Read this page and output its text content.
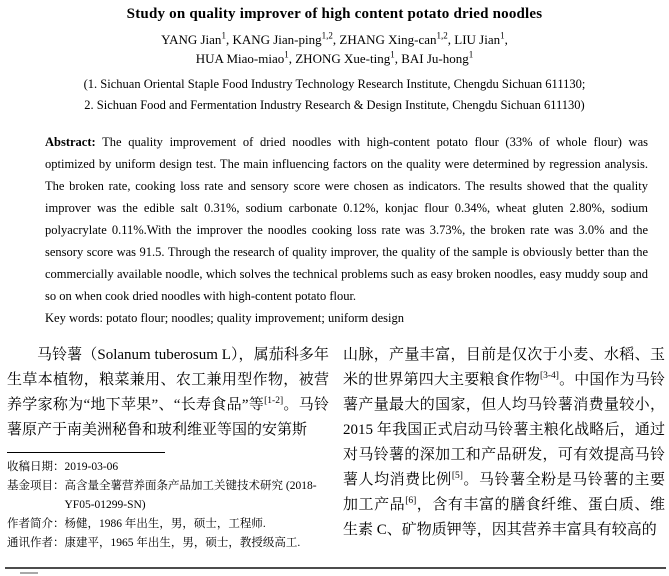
Study on quality improver of high content potato dried noodles
YANG Jian$^1$, KANG Jian-ping$^{1,2}$, ZHANG Xing-can$^{1,2}$, LIU Jian$^1$,
HUA Miao-miao$^1$, ZHONG Xue-ting$^1$, BAI Ju-hong$^1$
(1. Sichuan Oriental Staple Food Industry Technology Research Institute, Chengdu Sichuan 611130;
2. Sichuan Food and Fermentation Industry Research & Design Institute, Chengdu Sichuan 611130)
Abstract: The quality improvement of dried noodles with high-content potato flour (33% of whole flour) was optimized by uniform design test. The main influencing factors on the quality were determined by regression analysis. The broken rate, cooking loss rate and sensory score were chosen as indicators. The results showed that the quality improver was the edible salt 0.31%, sodium carbonate 0.12%, konjac flour 0.34%, wheat gluten 2.80%, sodium polyacrylate 0.11%.With the improver the noodles cooking loss rate was 3.73%, the broken rate was 3.0% and the sensory score was 91.5. Through the research of quality improver, the quality of the sample is obviously better than the commercially available noodle, which solves the technical problems such as easy broken noodles, easy muddy soup and so on when cook dried noodles with high-content potato flour.
Key words: potato flour; noodles; quality improvement; uniform design
马铃薯（Solanum tuberosum L），属茄科多年生草本植物，粮菜兼用、农工兼用型作物，被营养学家称为“地下苹果”、“长寿食品”等[1-2]。马铃薯原产于南美洲秘鲁和玻利维亚等国的安第斯
收稿日期： 2019-03-06
基金项目： 高含量全薯营养面条产品加工关键技术研究 (2018-YF05-01299-SN)
作者简介： 杨健，1986 年出生，男，硕士，工程师.
通讯作者： 康建平，1965 年出生，男，硕士，教授级高工.
山脉，产量丰富，目前是仅次于小麦、水稻、玉米的世界第四大主要粮食作物[3-4]。中国作为马铃薯产量最大的国家，但人均马铃薯消费量较小，2015 年我国正式启动马铃薯主粮化战略后，通过对马铃薯的深加工和产品研发，可有效提高马铃薯人均消费比例[5]。马铃薯全粉是马铃薯的主要加工产品[6]，含有丰富的膳食纤维、蛋白质、维生素 C、矿物质钾等，因其营养丰富具有较高的
